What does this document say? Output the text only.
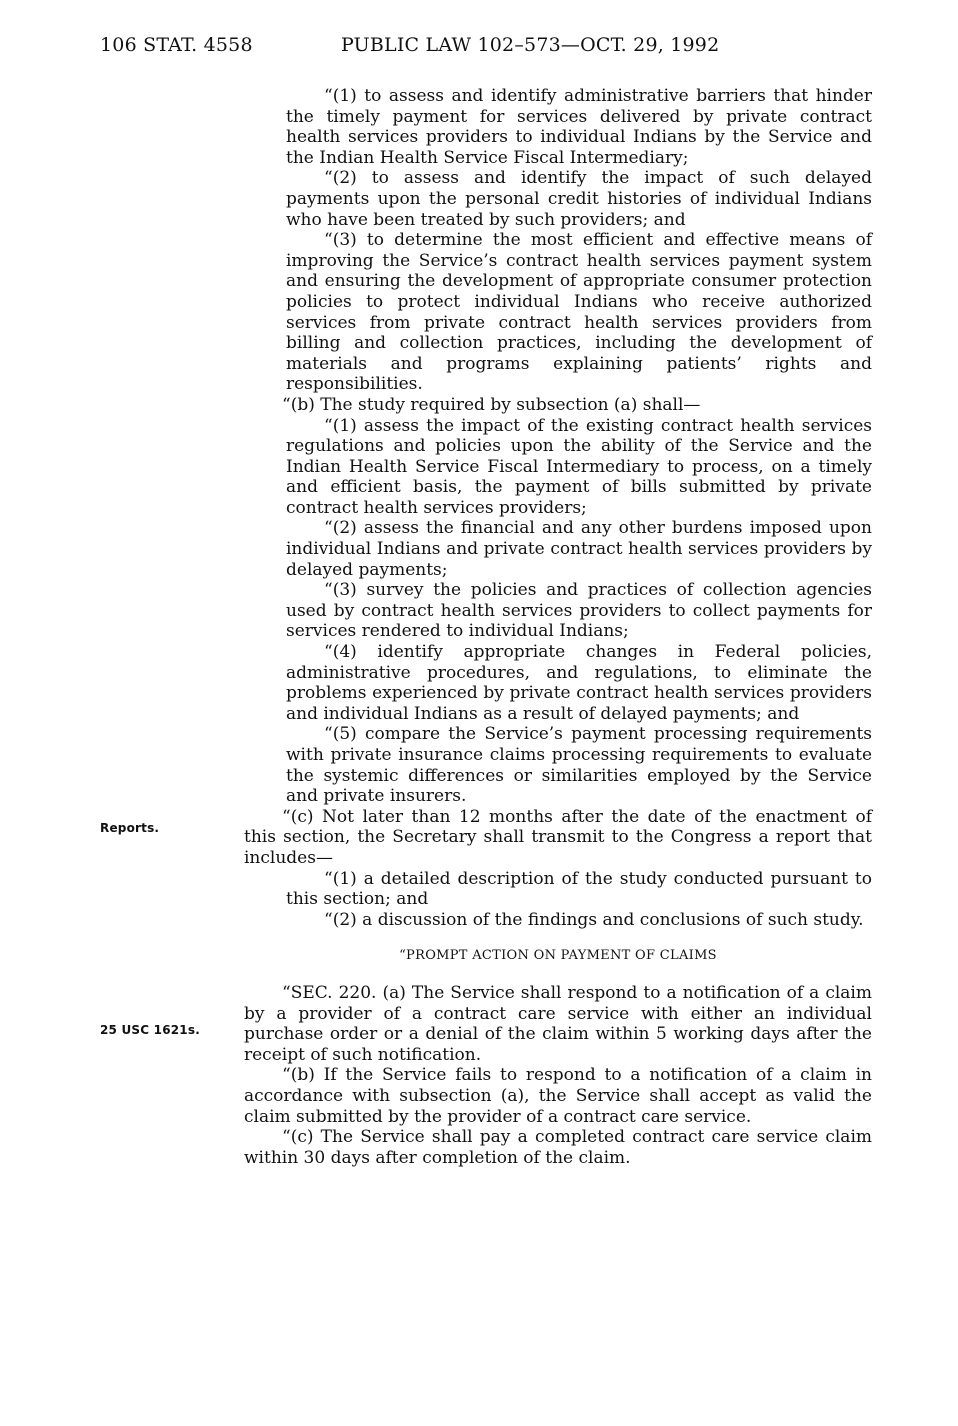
106 STAT. 4558	PUBLIC LAW 102–573—OCT. 29, 1992
Reports.
25 USC 1621s.

“(1) to assess and identify administrative barriers that hinder the timely payment for services delivered by private contract health services providers to individual Indians by the Service and the Indian Health Service Fiscal Intermediary;

“(2) to assess and identify the impact of such delayed payments upon the personal credit histories of individual Indians who have been treated by such providers; and

“(3) to determine the most efficient and effective means of improving the Service’s contract health services payment system and ensuring the development of appropriate consumer protection policies to protect individual Indians who receive authorized services from private contract health services providers from billing and collection practices, including the development of materials and programs explaining patients’ rights and responsibilities.

“(b) The study required by subsection (a) shall—

“(1) assess the impact of the existing contract health services regulations and policies upon the ability of the Service and the Indian Health Service Fiscal Intermediary to process, on a timely and efficient basis, the payment of bills submitted by private contract health services providers;

“(2) assess the financial and any other burdens imposed upon individual Indians and private contract health services providers by delayed payments;

“(3) survey the policies and practices of collection agencies used by contract health services providers to collect payments for services rendered to individual Indians;

“(4) identify appropriate changes in Federal policies, administrative procedures, and regulations, to eliminate the problems experienced by private contract health services providers and individual Indians as a result of delayed payments; and

“(5) compare the Service’s payment processing requirements with private insurance claims processing requirements to evaluate the systemic differences or similarities employed by the Service and private insurers.

“(c) Not later than 12 months after the date of the enactment of this section, the Secretary shall transmit to the Congress a report that includes—

“(1) a detailed description of the study conducted pursuant to this section; and

“(2) a discussion of the findings and conclusions of such study.

“PROMPT ACTION ON PAYMENT OF CLAIMS

“SEC. 220. (a) The Service shall respond to a notification of a claim by a provider of a contract care service with either an individual purchase order or a denial of the claim within 5 working days after the receipt of such notification.

“(b) If the Service fails to respond to a notification of a claim in accordance with subsection (a), the Service shall accept as valid the claim submitted by the provider of a contract care service.

“(c) The Service shall pay a completed contract care service claim within 30 days after completion of the claim.
